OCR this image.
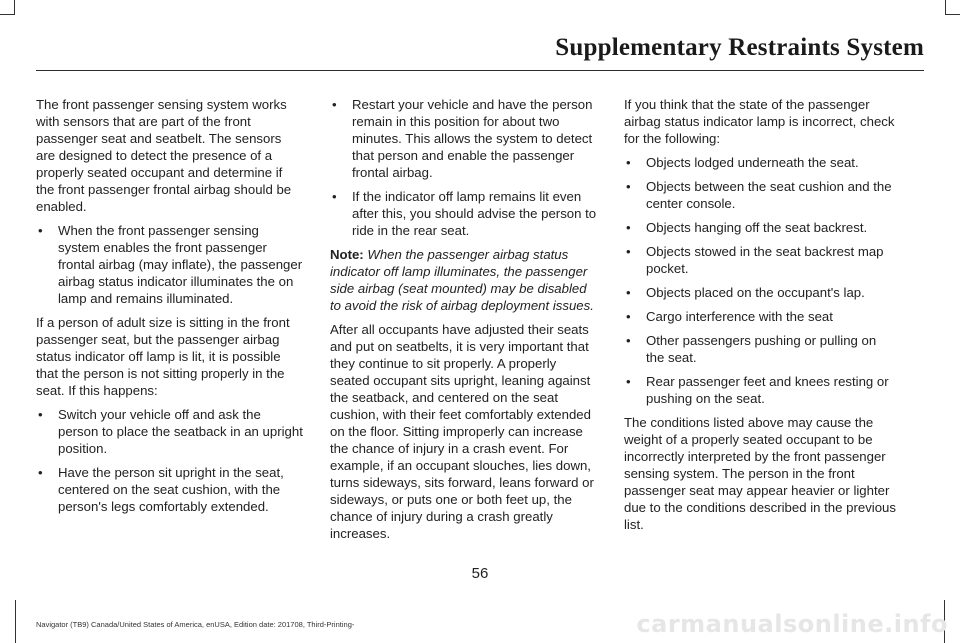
Supplementary Restraints System

The front passenger sensing system works with sensors that are part of the front passenger seat and seatbelt. The sensors are designed to detect the presence of a properly seated occupant and determine if the front passenger frontal airbag should be enabled.

• When the front passenger sensing system enables the front passenger frontal airbag (may inflate), the passenger airbag status indicator illuminates the on lamp and remains illuminated.

If a person of adult size is sitting in the front passenger seat, but the passenger airbag status indicator off lamp is lit, it is possible that the person is not sitting properly in the seat. If this happens:

• Switch your vehicle off and ask the person to place the seatback in an upright position.
• Have the person sit upright in the seat, centered on the seat cushion, with the person's legs comfortably extended.
• Restart your vehicle and have the person remain in this position for about two minutes. This allows the system to detect that person and enable the passenger frontal airbag.
• If the indicator off lamp remains lit even after this, you should advise the person to ride in the rear seat.

Note: When the passenger airbag status indicator off lamp illuminates, the passenger side airbag (seat mounted) may be disabled to avoid the risk of airbag deployment issues.

After all occupants have adjusted their seats and put on seatbelts, it is very important that they continue to sit properly. A properly seated occupant sits upright, leaning against the seatback, and centered on the seat cushion, with their feet comfortably extended on the floor. Sitting improperly can increase the chance of injury in a crash event. For example, if an occupant slouches, lies down, turns sideways, sits forward, leans forward or sideways, or puts one or both feet up, the chance of injury during a crash greatly increases.

If you think that the state of the passenger airbag status indicator lamp is incorrect, check for the following:

• Objects lodged underneath the seat.
• Objects between the seat cushion and the center console.
• Objects hanging off the seat backrest.
• Objects stowed in the seat backrest map pocket.
• Objects placed on the occupant's lap.
• Cargo interference with the seat
• Other passengers pushing or pulling on the seat.
• Rear passenger feet and knees resting or pushing on the seat.

The conditions listed above may cause the weight of a properly seated occupant to be incorrectly interpreted by the front passenger sensing system. The person in the front passenger seat may appear heavier or lighter due to the conditions described in the previous list.

56
Navigator (TB9) Canada/United States of America, enUSA, Edition date: 201708, Third-Printing-	carmanualsonline.info
